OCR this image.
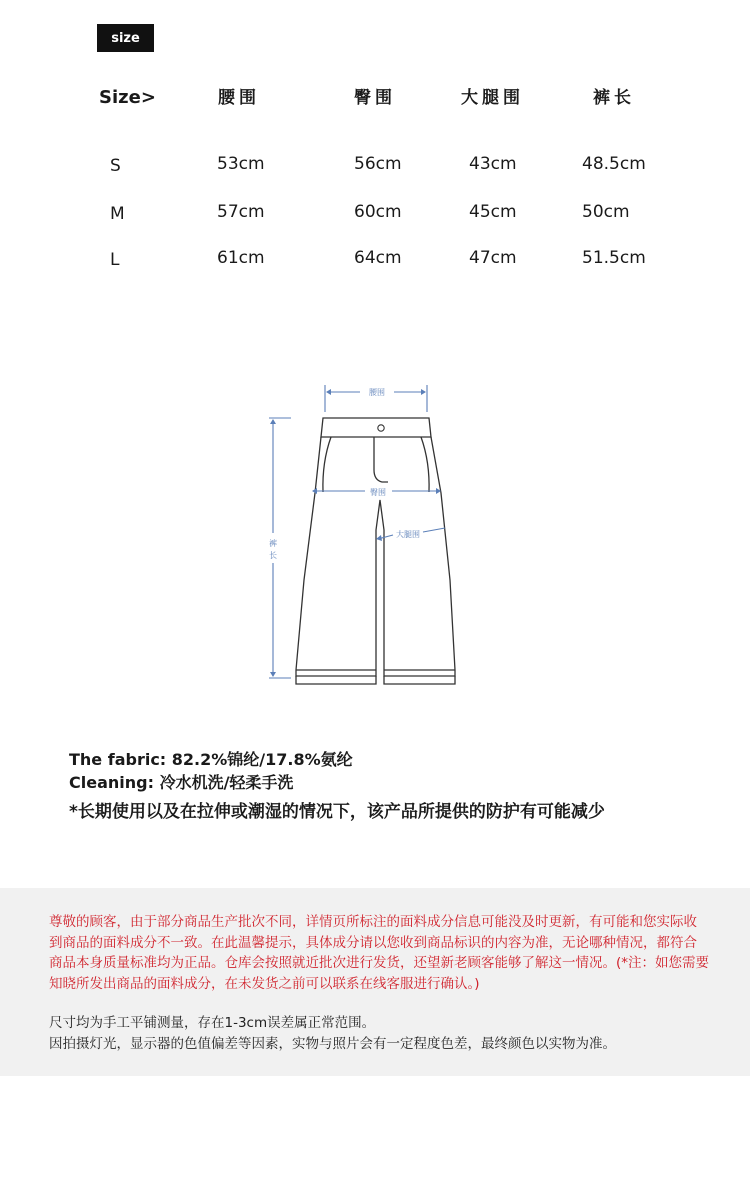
size
Size>	腰围	臀围	大腿围	裤长
S	53cm	56cm	43cm	48.5cm
M	57cm	60cm	45cm	50cm
L	61cm	64cm	47cm	51.5cm
腰围
臀围
大腿围
裤
长
The fabric: 82.2%锦纶/17.8%氨纶
Cleaning: 冷水机洗/轻柔手洗
*长期使用以及在拉伸或潮湿的情况下，该产品所提供的防护有可能减少
尊敬的顾客，由于部分商品生产批次不同，详情页所标注的面料成分信息可能没及时更新，有可能和您实际收到商品的面料成分不一致。在此温馨提示，具体成分请以您收到商品标识的内容为准，无论哪种情况，都符合商品本身质量标准均为正品。仓库会按照就近批次进行发货，还望新老顾客能够了解这一情况。(*注：如您需要知晓所发出商品的面料成分，在未发货之前可以联系在线客服进行确认。)
尺寸均为手工平铺测量，存在1-3cm误差属正常范围。
因拍摄灯光，显示器的色值偏差等因素，实物与照片会有一定程度色差，最终颜色以实物为准。
